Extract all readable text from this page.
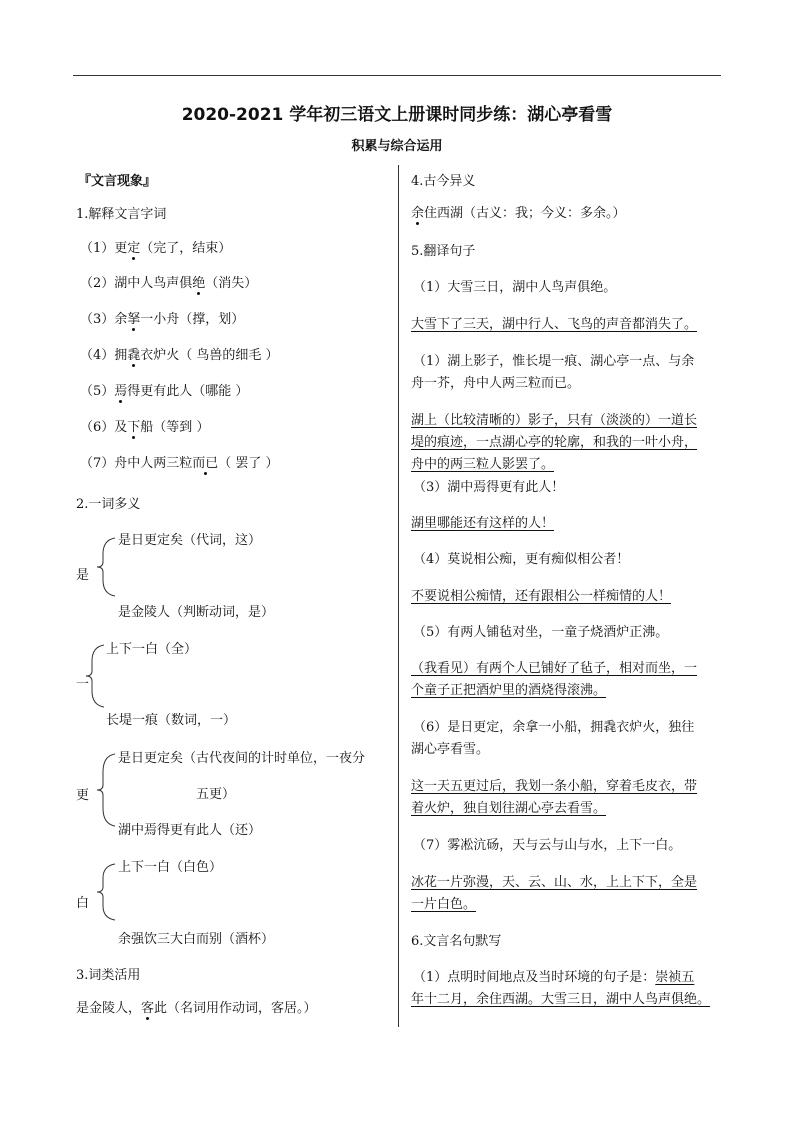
2020-2021 学年初三语文上册课时同步练：湖心亭看雪
积累与综合运用
『文言现象』
1.解释文言字词
（1）更定（完了，结束）
（2）湖中人鸟声俱绝（消失）
（3）余拏一小舟（撑，划）
（4）拥毳衣炉火（ 鸟兽的细毛 ）
（5）焉得更有此人（哪能 ）
（6）及下船（等到 ）
（7）舟中人两三粒而已（ 罢了 ）
2.一词多义
是
是日更定矣（代词，这）
是金陵人（判断动词，是）
一
上下一白（全）
长堤一痕（数词，一）
更
是日更定矣（古代夜间的计时单位，一夜分
五更）
湖中焉得更有此人（还）
白
上下一白（白色）
余强饮三大白而别（酒杯）
3.词类活用
是金陵人，客此（名词用作动词，客居。）
4.古今异义
余住西湖（古义：我；今义：多余。）
5.翻译句子
（1）大雪三日，湖中人鸟声俱绝。
大雪下了三天，湖中行人、飞鸟的声音都消失了。
（1）湖上影子，惟长堤一痕、湖心亭一点、与余
舟一芥，舟中人两三粒而已。
湖上（比较清晰的）影子，只有（淡淡的）一道长
堤的痕迹，一点湖心亭的轮廓，和我的一叶小舟，
舟中的两三粒人影罢了。
（3）湖中焉得更有此人！
湖里哪能还有这样的人！
（4）莫说相公痴，更有痴似相公者！
不要说相公痴情，还有跟相公一样痴情的人！
（5）有两人铺毡对坐，一童子烧酒炉正沸。
（我看见）有两个人已铺好了毡子，相对而坐，一
个童子正把酒炉里的酒烧得滚沸。
（6）是日更定，余拿一小船，拥毳衣炉火，独往
湖心亭看雪。
这一天五更过后，我划一条小船，穿着毛皮衣，带
着火炉，独自划往湖心亭去看雪。
（7）雾凇沆砀，天与云与山与水，上下一白。
冰花一片弥漫，天、云、山、水，上上下下，全是
一片白色。
6.文言名句默写
（1）点明时间地点及当时环境的句子是：崇祯五
年十二月，余住西湖。大雪三日，湖中人鸟声俱绝。
